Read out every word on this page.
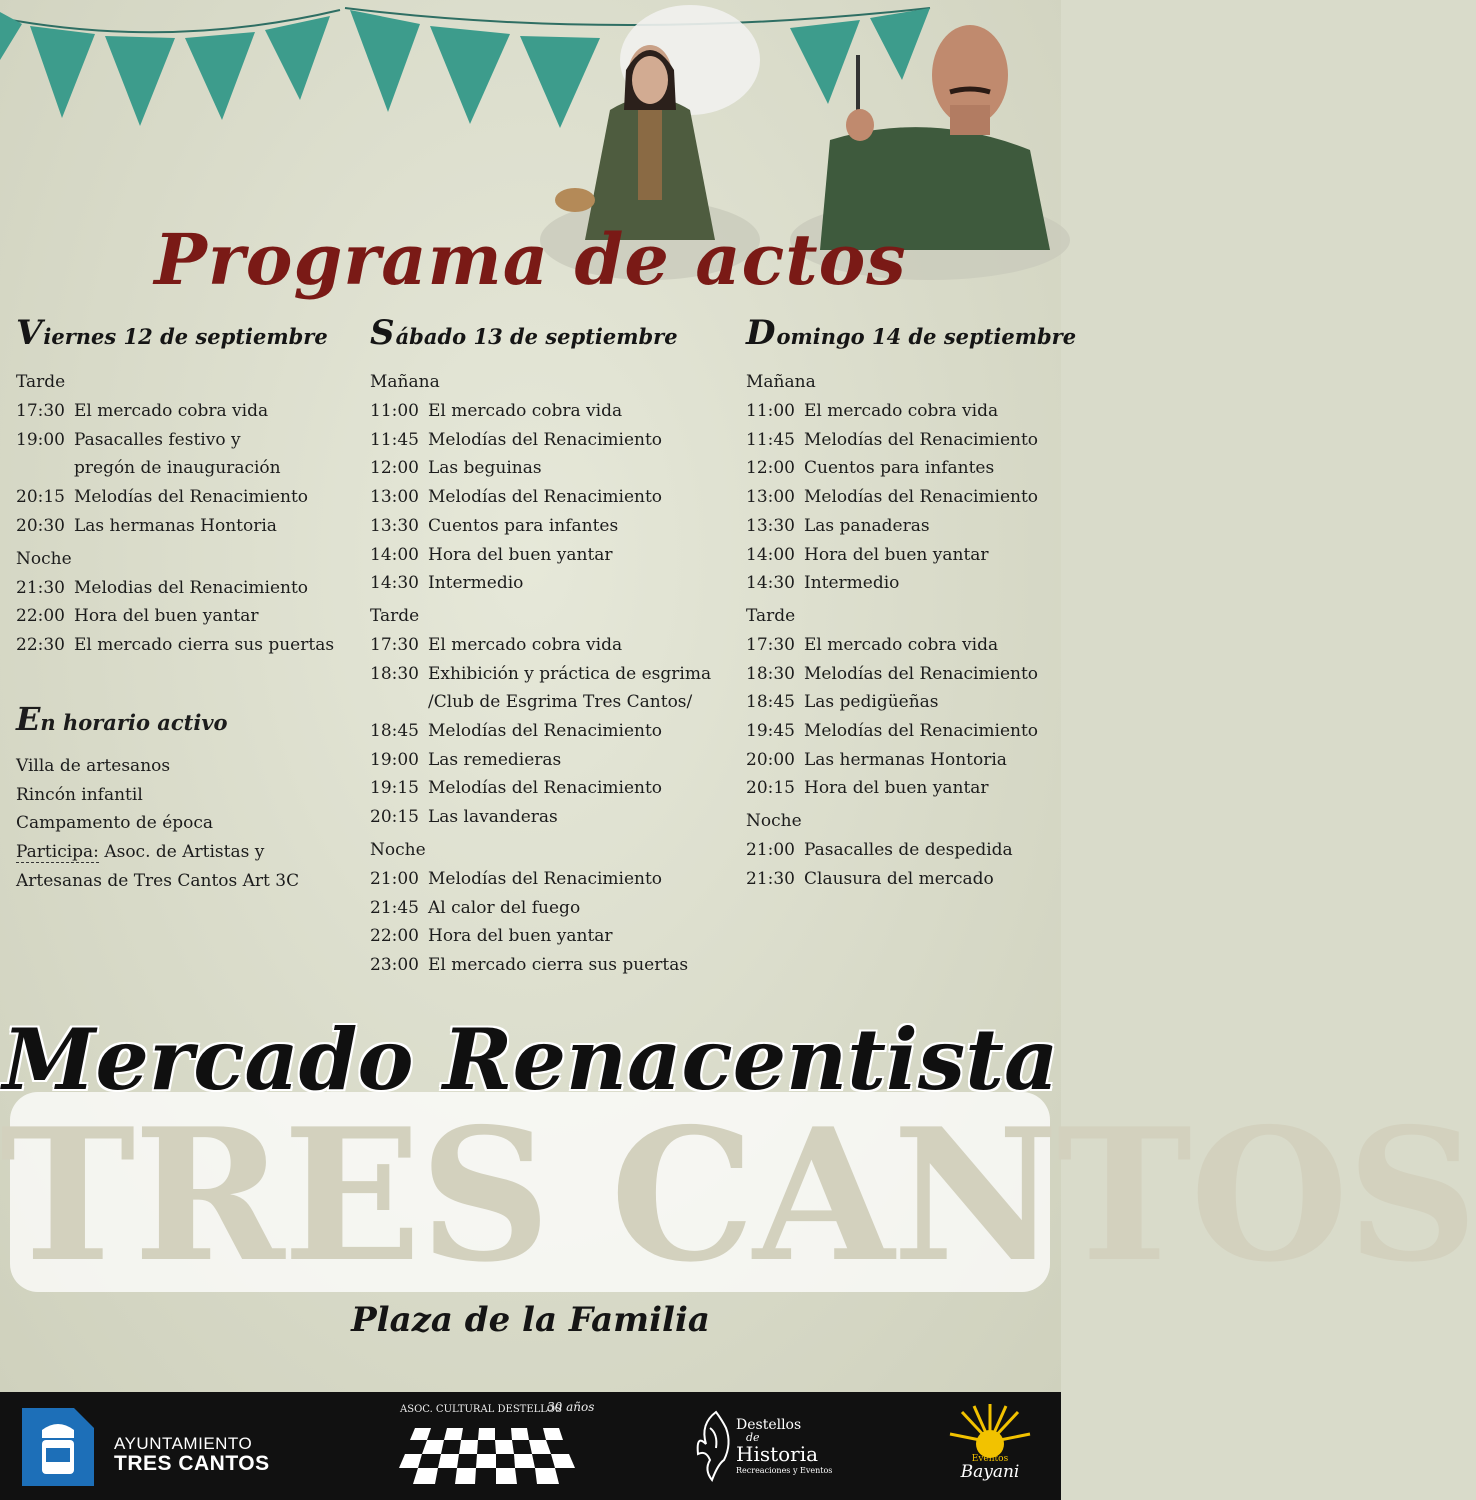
Programa de actos
Viernes 12 de septiembre
Tarde
17:30 El mercado cobra vida
19:00 Pasacalles festivo y pregón de inauguración
20:15 Melodías del Renacimiento
20:30 Las hermanas Hontoria
Noche
21:30 Melodias del Renacimiento
22:00 Hora del buen yantar
22:30 El mercado cierra sus puertas
Sábado 13 de septiembre
Mañana
11:00 El mercado cobra vida
11:45 Melodías del Renacimiento
12:00 Las beguinas
13:00 Melodías del Renacimiento
13:30 Cuentos para infantes
14:00 Hora del buen yantar
14:30 Intermedio
Tarde
17:30 El mercado cobra vida
18:30 Exhibición y práctica de esgrima /Club de Esgrima Tres Cantos/
18:45 Melodías del Renacimiento
19:00 Las remedieras
19:15 Melodías del Renacimiento
20:15 Las lavanderas
Noche
21:00 Melodías del Renacimiento
21:45 Al calor del fuego
22:00 Hora del buen yantar
23:00 El mercado cierra sus puertas
Domingo 14 de septiembre
Mañana
11:00 El mercado cobra vida
11:45 Melodías del Renacimiento
12:00 Cuentos para infantes
13:00 Melodías del Renacimiento
13:30 Las panaderas
14:00 Hora del buen yantar
14:30 Intermedio
Tarde
17:30 El mercado cobra vida
18:30 Melodías del Renacimiento
18:45 Las pedigüeñas
19:45 Melodías del Renacimiento
20:00 Las hermanas Hontoria
20:15 Hora del buen yantar
Noche
21:00 Pasacalles de despedida
21:30 Clausura del mercado
En horario activo
Villa de artesanos
Rincón infantil
Campamento de época
Participa: Asoc. de Artistas y
Artesanas de Tres Cantos Art 3C
TRES CANTOS
Mercado Renacentista
Plaza de la Familia
AYUNTAMIENTO
TRES CANTOS
ASOC. CULTURAL DESTELLOS
30 años
Destellos
de
Historia
Recreaciones y Eventos
Eventos
Bayani
